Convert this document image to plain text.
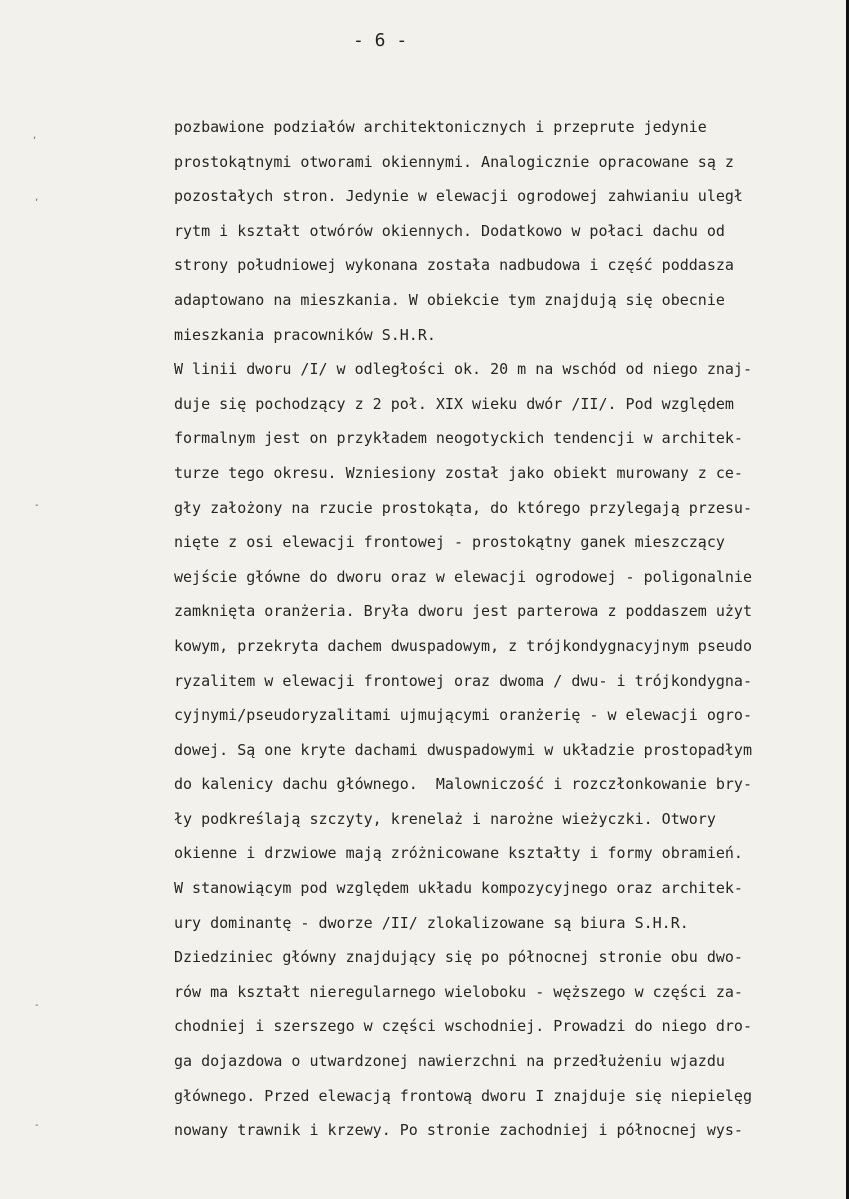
- 6 -
,
,
-
-
-
pozbawione podziałów architektonicznych i przeprute jedynie
prostokątnymi otworami okiennymi. Analogicznie opracowane są z
pozostałych stron. Jedynie w elewacji ogrodowej zahwianiu uległ
rytm i kształt otwórów okiennych. Dodatkowo w połaci dachu od
strony południowej wykonana została nadbudowa i część poddasza
adaptowano na mieszkania. W obiekcie tym znajdują się obecnie
mieszkania pracowników S.H.R.
W linii dworu /I/ w odległości ok. 20 m na wschód od niego znaj-
duje się pochodzący z 2 poł. XIX wieku dwór /II/. Pod względem
formalnym jest on przykładem neogotyckich tendencji w architek-
turze tego okresu. Wzniesiony został jako obiekt murowany z ce-
gły założony na rzucie prostokąta, do którego przylegają przesu-
nięte z osi elewacji frontowej - prostokątny ganek mieszczący
wejście główne do dworu oraz w elewacji ogrodowej - poligonalnie
zamknięta oranżeria. Bryła dworu jest parterowa z poddaszem użyt
kowym, przekryta dachem dwuspadowym, z trójkondygnacyjnym pseudo
ryzalitem w elewacji frontowej oraz dwoma / dwu- i trójkondygna-
cyjnymi/pseudoryzalitami ujmującymi oranżerię - w elewacji ogro-
dowej. Są one kryte dachami dwuspadowymi w układzie prostopadłym
do kalenicy dachu głównego.  Malowniczość i rozczłonkowanie bry-
ły podkreślają szczyty, krenelaż i narożne wieżyczki. Otwory
okienne i drzwiowe mają zróżnicowane kształty i formy obramień.
W stanowiącym pod względem układu kompozycyjnego oraz architek-
ury dominantę - dworze /II/ zlokalizowane są biura S.H.R.
Dziedziniec główny znajdujący się po północnej stronie obu dwo-
rów ma kształt nieregularnego wieloboku - węższego w części za-
chodniej i szerszego w części wschodniej. Prowadzi do niego dro-
ga dojazdowa o utwardzonej nawierzchni na przedłużeniu wjazdu
głównego. Przed elewacją frontową dworu I znajduje się niepielęg
nowany trawnik i krzewy. Po stronie zachodniej i północnej wys-
